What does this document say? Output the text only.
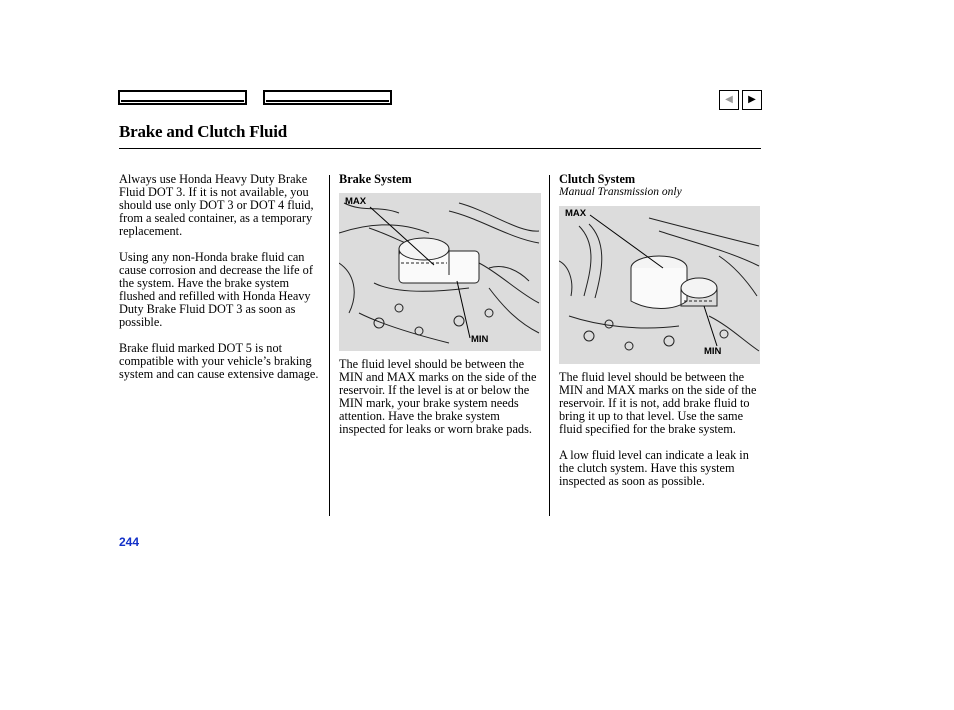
◀ ▶
Brake and Clutch Fluid

Always use Honda Heavy Duty Brake Fluid DOT 3. If it is not available, you should use only DOT 3 or DOT 4 fluid, from a sealed container, as a temporary replacement.

Using any non-Honda brake fluid can cause corrosion and decrease the life of the system. Have the brake system flushed and refilled with Honda Heavy Duty Brake Fluid DOT 3 as soon as possible.

Brake fluid marked DOT 5 is not compatible with your vehicle’s braking system and can cause extensive damage.

Brake System
MAX
MIN

The fluid level should be between the MIN and MAX marks on the side of the reservoir. If the level is at or below the MIN mark, your brake system needs attention. Have the brake system inspected for leaks or worn brake pads.

Clutch System
Manual Transmission only
MAX
MIN

The fluid level should be between the MIN and MAX marks on the side of the reservoir. If it is not, add brake fluid to bring it up to that level. Use the same fluid specified for the brake system.

A low fluid level can indicate a leak in the clutch system. Have this system inspected as soon as possible.

244
